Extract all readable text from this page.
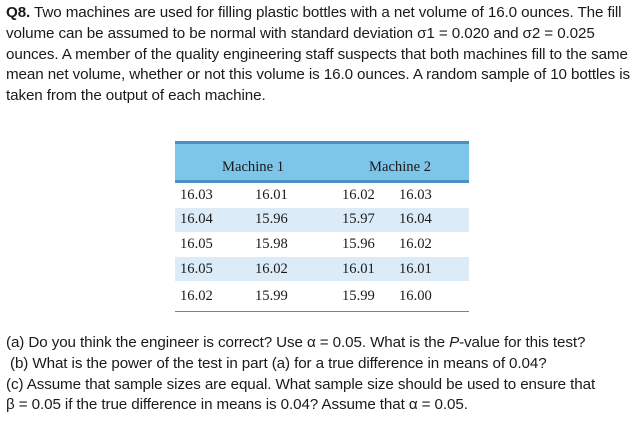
Q8. Two machines are used for filling plastic bottles with a net volume of 16.0 ounces. The fill volume can be assumed to be normal with standard deviation σ1 = 0.020 and σ2 = 0.025 ounces. A member of the quality engineering staff suspects that both machines fill to the same mean net volume, whether or not this volume is 16.0 ounces. A random sample of 10 bottles is taken from the output of each machine.
Machine 1		Machine 2	
16.03	16.01	16.02	16.03
16.04	15.96	15.97	16.04
16.05	15.98	15.96	16.02
16.05	16.02	16.01	16.01
16.02	15.99	15.99	16.00
(a) Do you think the engineer is correct? Use α = 0.05. What is the P-value for this test?
(b) What is the power of the test in part (a) for a true difference in means of 0.04?
(c) Assume that sample sizes are equal. What sample size should be used to ensure that
β = 0.05 if the true difference in means is 0.04? Assume that α = 0.05.
